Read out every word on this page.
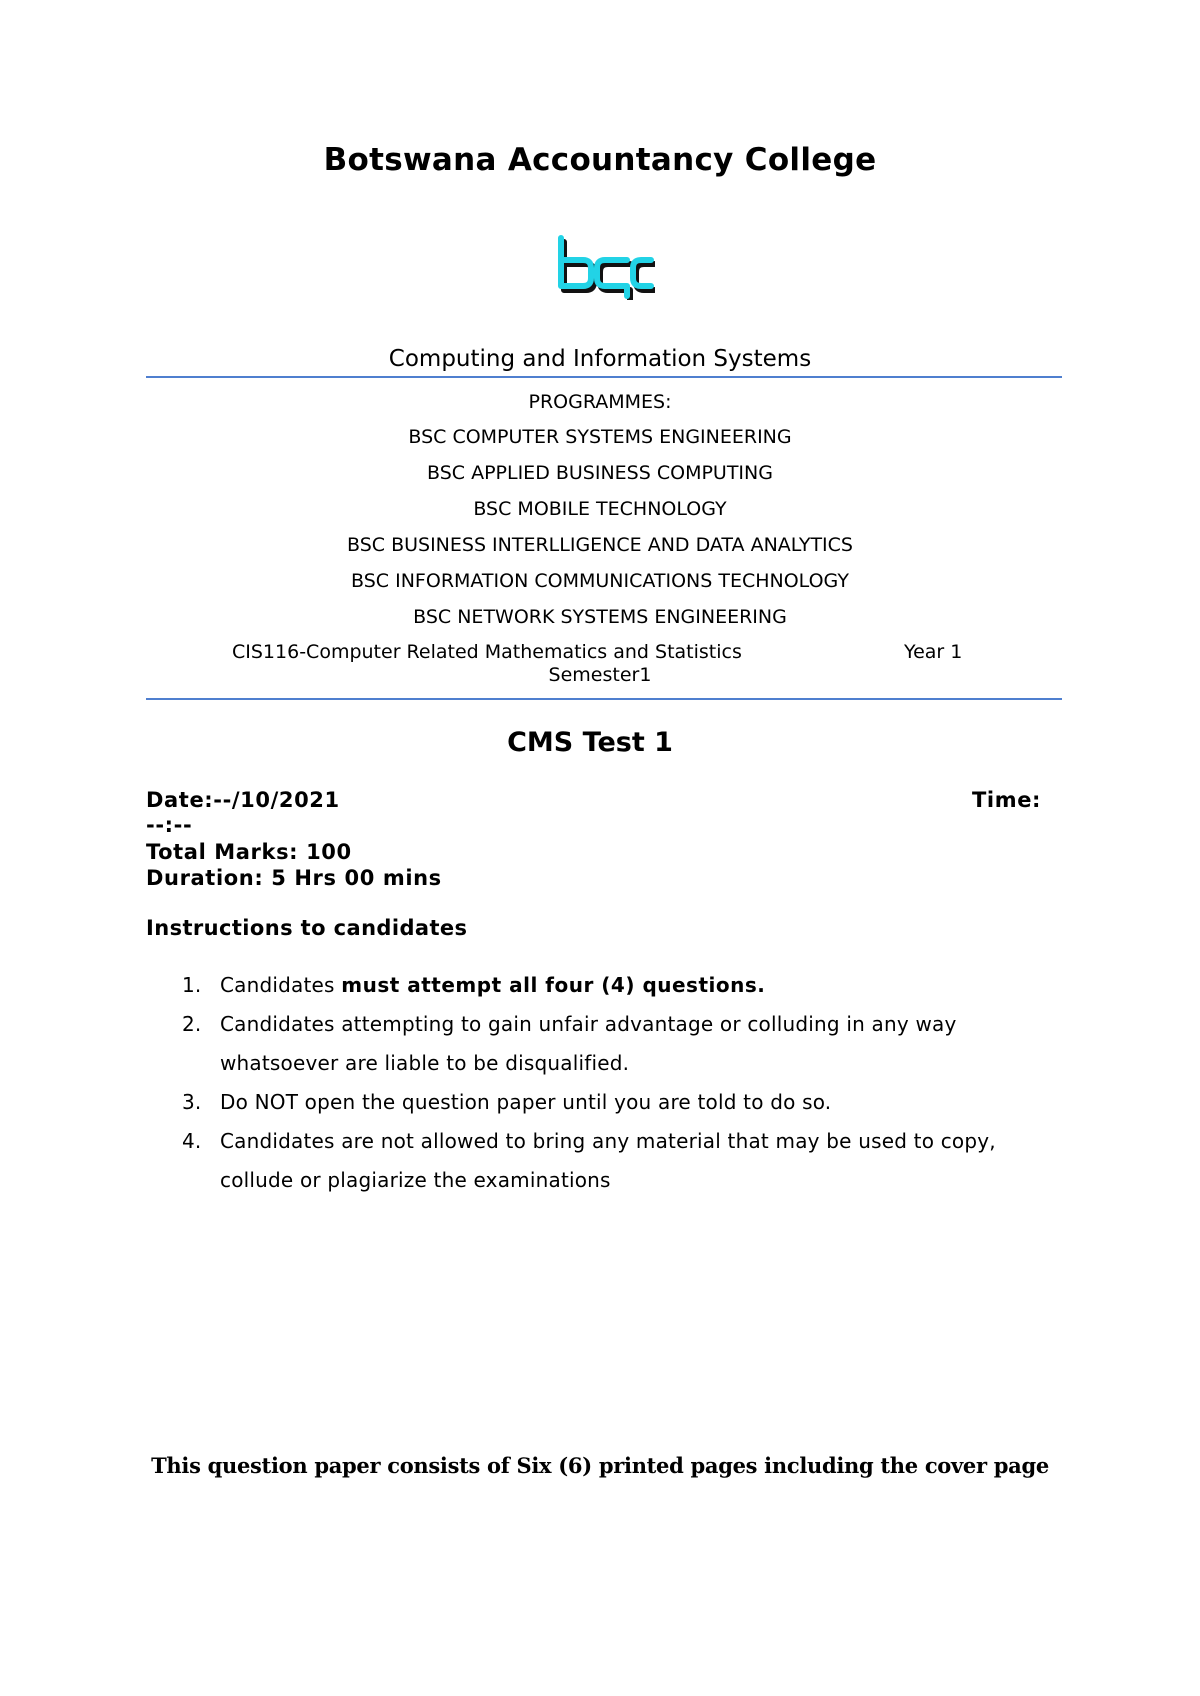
Botswana Accountancy College
Computing and Information Systems
PROGRAMMES:
BSC COMPUTER SYSTEMS ENGINEERING
BSC APPLIED BUSINESS COMPUTING
BSC MOBILE TECHNOLOGY
BSC BUSINESS INTERLLIGENCE AND DATA ANALYTICS
BSC INFORMATION COMMUNICATIONS TECHNOLOGY
BSC NETWORK SYSTEMS ENGINEERING
CIS116-Computer Related Mathematics and Statistics	Year 1
Semester1
CMS Test 1
Date:--/10/2021	Time:
--:--
Total Marks: 100
Duration: 5 Hrs 00 mins
Instructions to candidates
1. Candidates must attempt all four (4) questions.
2. Candidates attempting to gain unfair advantage or colluding in any way whatsoever are liable to be disqualified.
3. Do NOT open the question paper until you are told to do so.
4. Candidates are not allowed to bring any material that may be used to copy, collude or plagiarize the examinations
This question paper consists of Six (6) printed pages including the cover page
